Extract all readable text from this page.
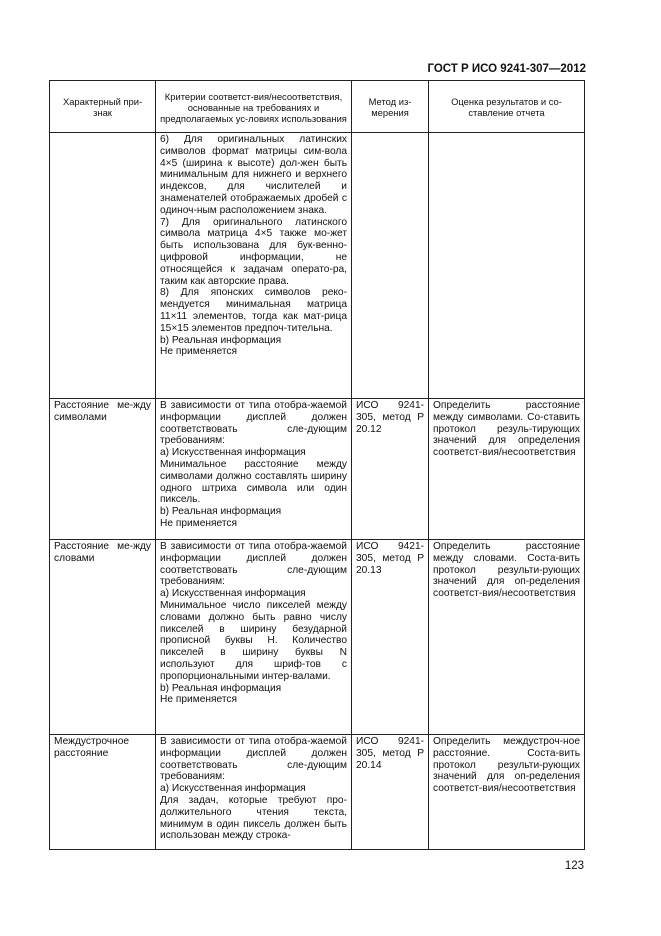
ГОСТ Р ИСО 9241-307—2012
Характерный при-знак	Критерии соответст-вия/несоответствия, основанные на требованиях и предполагаемых ус-ловиях использования	Метод из-мерения	Оценка результатов и со-ставление отчета

	6) Для оригинальных латинских символов формат матрицы сим-вола 4×5 (ширина к высоте) дол-жен быть минимальным для нижнего и верхнего индексов, для числителей и знаменателей отображаемых дробей с одиноч-ным расположением знака.
7) Для оригинального латинского символа матрица 4×5 также мо-жет быть использована для бук-венно-цифровой информации, не относящейся к задачам операто-ра, таким как авторские права.
8) Для японских символов реко-мендуется минимальная матрица 11×11 элементов, тогда как мат-рица 15×15 элементов предпоч-тительна.
b) Реальная информация
Не применяется		

Расстояние ме-жду символами	В зависимости от типа отобра-жаемой информации дисплей должен соответствовать сле-дующим требованиям:
a) Искусственная информация
Минимальное расстояние между символами должно составлять ширину одного штриха символа или один пиксель.
b) Реальная информация
Не применяется	ИСО 9241-305, метод Р 20.12	Определить расстояние между символами. Со-ставить протокол резуль-тирующих значений для определения соответст-вия/несоответствия
Расстояние ме-жду словами	В зависимости от типа отобра-жаемой информации дисплей должен соответствовать сле-дующим требованиям:
a) Искусственная информация
Минимальное число пикселей между словами должно быть равно числу пикселей в ширину безударной прописной буквы Н. Количество пикселей в ширину буквы N используют для шриф-тов с пропорциональными интер-валами.
b) Реальная информация
Не применяется	ИСО 9421-305, метод Р 20.13	Определить расстояние между словами. Соста-вить протокол результи-рующих значений для оп-ределения соответст-вия/несоответствия
Междустрочное расстояние	В зависимости от типа отобра-жаемой информации дисплей должен соответствовать сле-дующим требованиям:
a) Искусственная информация
Для задач, которые требуют про-должительного чтения текста, минимум в один пиксель должен быть использован между строка-	ИСО 9241-305, метод Р 20.14	Определить междустроч-ное расстояние. Соста-вить протокол результи-рующих значений для оп-ределения соответст-вия/несоответствия
123
